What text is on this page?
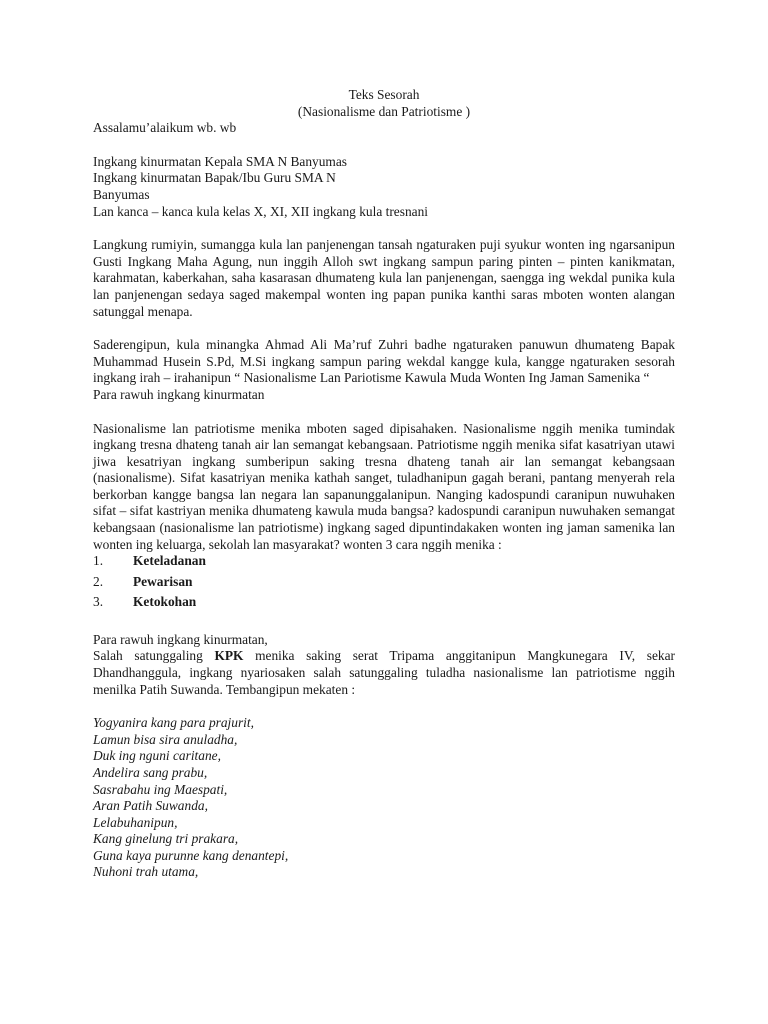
Teks Sesorah

(Nasionalisme dan Patriotisme )

Assalamu’alaikum wb. wb

Ingkang kinurmatan Kepala SMA N Banyumas

Ingkang kinurmatan Bapak/Ibu Guru SMA N

Banyumas

Lan kanca – kanca kula kelas X, XI, XII ingkang kula tresnani

Langkung rumiyin, sumangga kula lan panjenengan tansah ngaturaken puji syukur wonten ing ngarsanipun Gusti Ingkang Maha Agung, nun inggih Alloh swt ingkang sampun paring pinten – pinten kanikmatan, karahmatan, kaberkahan, saha kasarasan dhumateng kula lan panjenengan, saengga ing wekdal punika kula lan panjenengan sedaya saged makempal wonten ing papan punika kanthi saras mboten wonten alangan satunggal menapa.

Saderengipun, kula minangka Ahmad Ali Ma’ruf Zuhri badhe ngaturaken panuwun dhumateng Bapak Muhammad Husein S.Pd, M.Si ingkang sampun paring wekdal kangge kula, kangge ngaturaken sesorah ingkang irah – irahanipun “ Nasionalisme Lan Pariotisme Kawula Muda Wonten Ing Jaman Samenika “

Para rawuh ingkang kinurmatan

Nasionalisme lan patriotisme menika mboten saged dipisahaken. Nasionalisme nggih menika tumindak ingkang tresna dhateng tanah air lan semangat kebangsaan. Patriotisme nggih menika sifat kasatriyan utawi jiwa kesatriyan ingkang sumberipun saking tresna dhateng tanah air lan semangat kebangsaan (nasionalisme). Sifat kasatriyan menika kathah sanget, tuladhanipun gagah berani, pantang menyerah rela berkorban kangge bangsa lan negara lan sapanunggalanipun. Nanging kadospundi caranipun nuwuhaken sifat – sifat kastriyan menika dhumateng kawula muda bangsa? kadospundi caranipun nuwuhaken semangat kebangsaan (nasionalisme lan patriotisme) ingkang saged dipuntindakaken wonten ing jaman samenika lan wonten ing keluarga, sekolah lan masyarakat? wonten 3 cara nggih menika :

1.	Keteladanan
2.	Pewarisan
3.	Ketokohan

Para rawuh ingkang kinurmatan,

Salah satunggaling KPK menika saking serat Tripama anggitanipun Mangkunegara IV, sekar Dhandhanggula, ingkang nyariosaken salah satunggaling tuladha nasionalisme lan patriotisme nggih menilka Patih Suwanda. Tembangipun mekaten :

Yogyanira kang para prajurit,

Lamun bisa sira anuladha,

Duk ing nguni caritane,

Andelira sang prabu,

Sasrabahu ing Maespati,

Aran Patih Suwanda,

Lelabuhanipun,

Kang ginelung tri prakara,

Guna kaya purunne kang denantepi,

Nuhoni trah utama,
